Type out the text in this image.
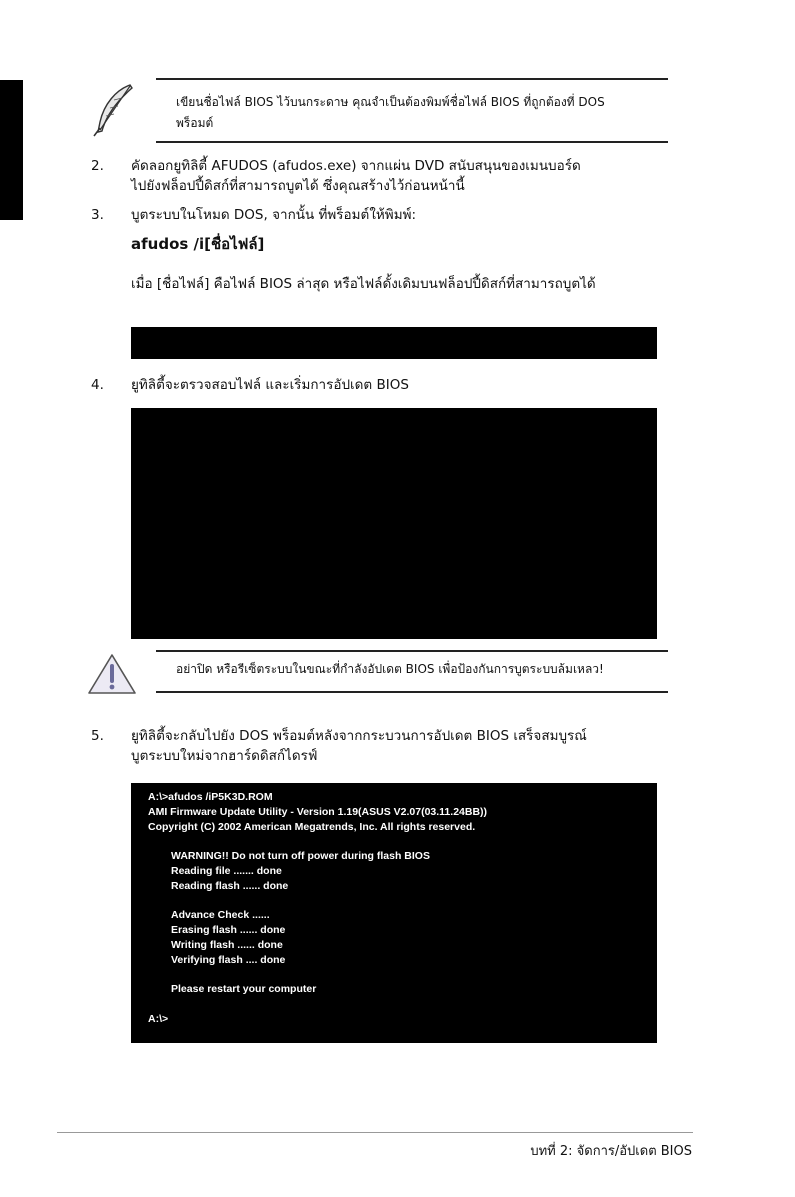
เขียนชื่อไฟล์ BIOS ไว้บนกระดาษ คุณจำเป็นต้องพิมพ์ชื่อไฟล์ BIOS ที่ถูกต้องที่ DOS
พร็อมต์
2. คัดลอกยูทิลิตี้ AFUDOS (afudos.exe) จากแผ่น DVD สนับสนุนของเมนบอร์ด
ไปยังฟล็อปปี้ดิสก์ที่สามารถบูตได้ ซึ่งคุณสร้างไว้ก่อนหน้านี้
3. บูตระบบในโหมด DOS, จากนั้น ที่พร็อมต์ให้พิมพ์:
afudos /i[ชื่อไฟล์]
เมื่อ [ชื่อไฟล์] คือไฟล์ BIOS ล่าสุด หรือไฟล์ดั้งเดิมบนฟล็อปปี้ดิสก์ที่สามารถบูตได้
4. ยูทิลิตี้จะตรวจสอบไฟล์ และเริ่มการอัปเดต BIOS
อย่าปิด หรือรีเซ็ตระบบในขณะที่กำลังอัปเดต BIOS เพื่อป้องกันการบูตระบบล้มเหลว!
5. ยูทิลิตี้จะกลับไปยัง DOS พร็อมต์หลังจากกระบวนการอัปเดต BIOS เสร็จสมบูรณ์
บูตระบบใหม่จากฮาร์ดดิสก์ไดรฟ์
A:\>afudos /iP5K3D.ROM
AMI Firmware Update Utility - Version 1.19(ASUS V2.07(03.11.24BB))
Copyright (C) 2002 American Megatrends, Inc. All rights reserved.
WARNING!! Do not turn off power during flash BIOS
Reading file ....... done
Reading flash ...... done
Advance Check ......
Erasing flash ...... done
Writing flash ...... done
Verifying flash .... done
Please restart your computer
A:\>
บทที่ 2: จัดการ/อัปเดต BIOS
